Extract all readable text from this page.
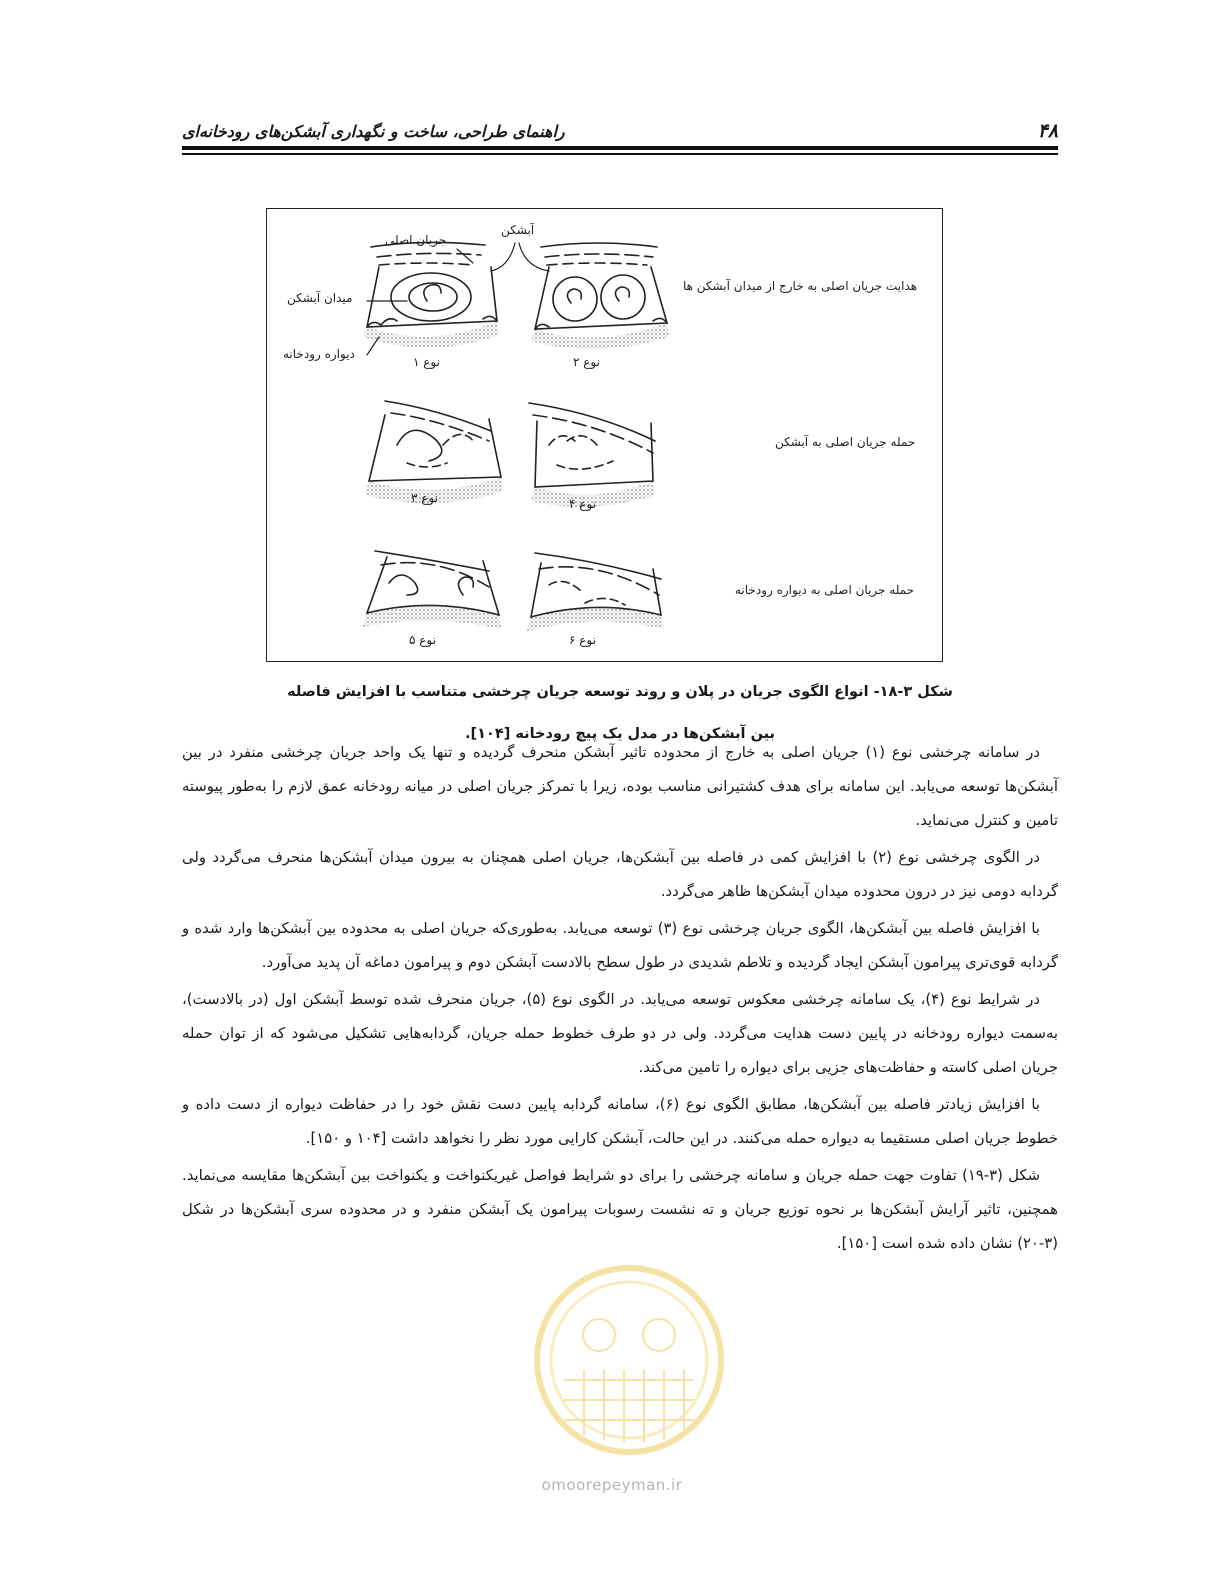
۴۸
راهنمای طراحی، ساخت و نگهداری آبشکن‌های رودخانه‌ای
آبشکن
جریان اصلی
میدان آبشکن
دیواره رودخانه
نوع ۱	نوع ۲
نوع ۳	نوع ۴
نوع ۵	نوع ۶
هدایت جریان اصلی به خارج از میدان آبشکن ها
حمله جریان اصلی به آبشکن
حمله جریان اصلی به دیواره رودخانه
شکل ۳-۱۸- انواع الگوی جریان در پلان و روند توسعه جریان چرخشی متناسب با افزایش فاصله
بین آبشکن‌ها در مدل یک پیچ رودخانه [۱۰۴].

در سامانه چرخشی نوع (۱) جریان اصلی به خارج از محدوده تاثیر آبشکن منحرف گردیده و تنها یک واحد جریان چرخشی منفرد در بین آبشکن‌ها توسعه می‌یابد. این سامانه برای هدف کشتیرانی مناسب بوده، زیرا با تمرکز جریان اصلی در میانه رودخانه عمق لازم را به‌طور پیوسته تامین و کنترل می‌نماید.

در الگوی چرخشی نوع (۲) با افزایش کمی در فاصله بین آبشکن‌ها، جریان اصلی همچنان به بیرون میدان آبشکن‌ها منحرف می‌گردد ولی گردابه دومی نیز در درون محدوده میدان آبشکن‌ها ظاهر می‌گردد.

با افزایش فاصله بین آبشکن‌ها، الگوی جریان چرخشی نوع (۳) توسعه می‌یابد. به‌طوری‌که جریان اصلی به محدوده بین آبشکن‌ها وارد شده و گردابه قوی‌تری پیرامون آبشکن ایجاد گردیده و تلاطم شدیدی در طول سطح بالادست آبشکن دوم و پیرامون دماغه آن پدید می‌آورد.

در شرایط نوع (۴)، یک سامانه چرخشی معکوس توسعه می‌یابد. در الگوی نوع (۵)، جریان منحرف شده توسط آبشکن اول (در بالادست)، به‌سمت دیواره رودخانه در پایین دست هدایت می‌گردد. ولی در دو طرف خطوط حمله جریان، گردابه‌هایی تشکیل می‌شود که از توان حمله جریان اصلی کاسته و حفاظت‌های جزیی برای دیواره را تامین می‌کند.

با افزایش زیادتر فاصله بین آبشکن‌ها، مطابق الگوی نوع (۶)، سامانه گردابه پایین دست نقش خود را در حفاظت دیواره از دست داده و خطوط جریان اصلی مستقیما به دیواره حمله می‌کنند. در این حالت، آبشکن کارایی مورد نظر را نخواهد داشت [۱۰۴ و ۱۵۰].

شکل (۳-۱۹) تفاوت جهت حمله جریان و سامانه چرخشی را برای دو شرایط فواصل غیریکنواخت و یکنواخت بین آبشکن‌ها مقایسه می‌نماید. همچنین، تاثیر آرایش آبشکن‌ها بر نحوه توزیع جریان و ته نشست رسوبات پیرامون یک آبشکن منفرد و در محدوده سری آبشکن‌ها در شکل (۳-۲۰) نشان داده شده است [۱۵۰].

omoorepeyman.ir
